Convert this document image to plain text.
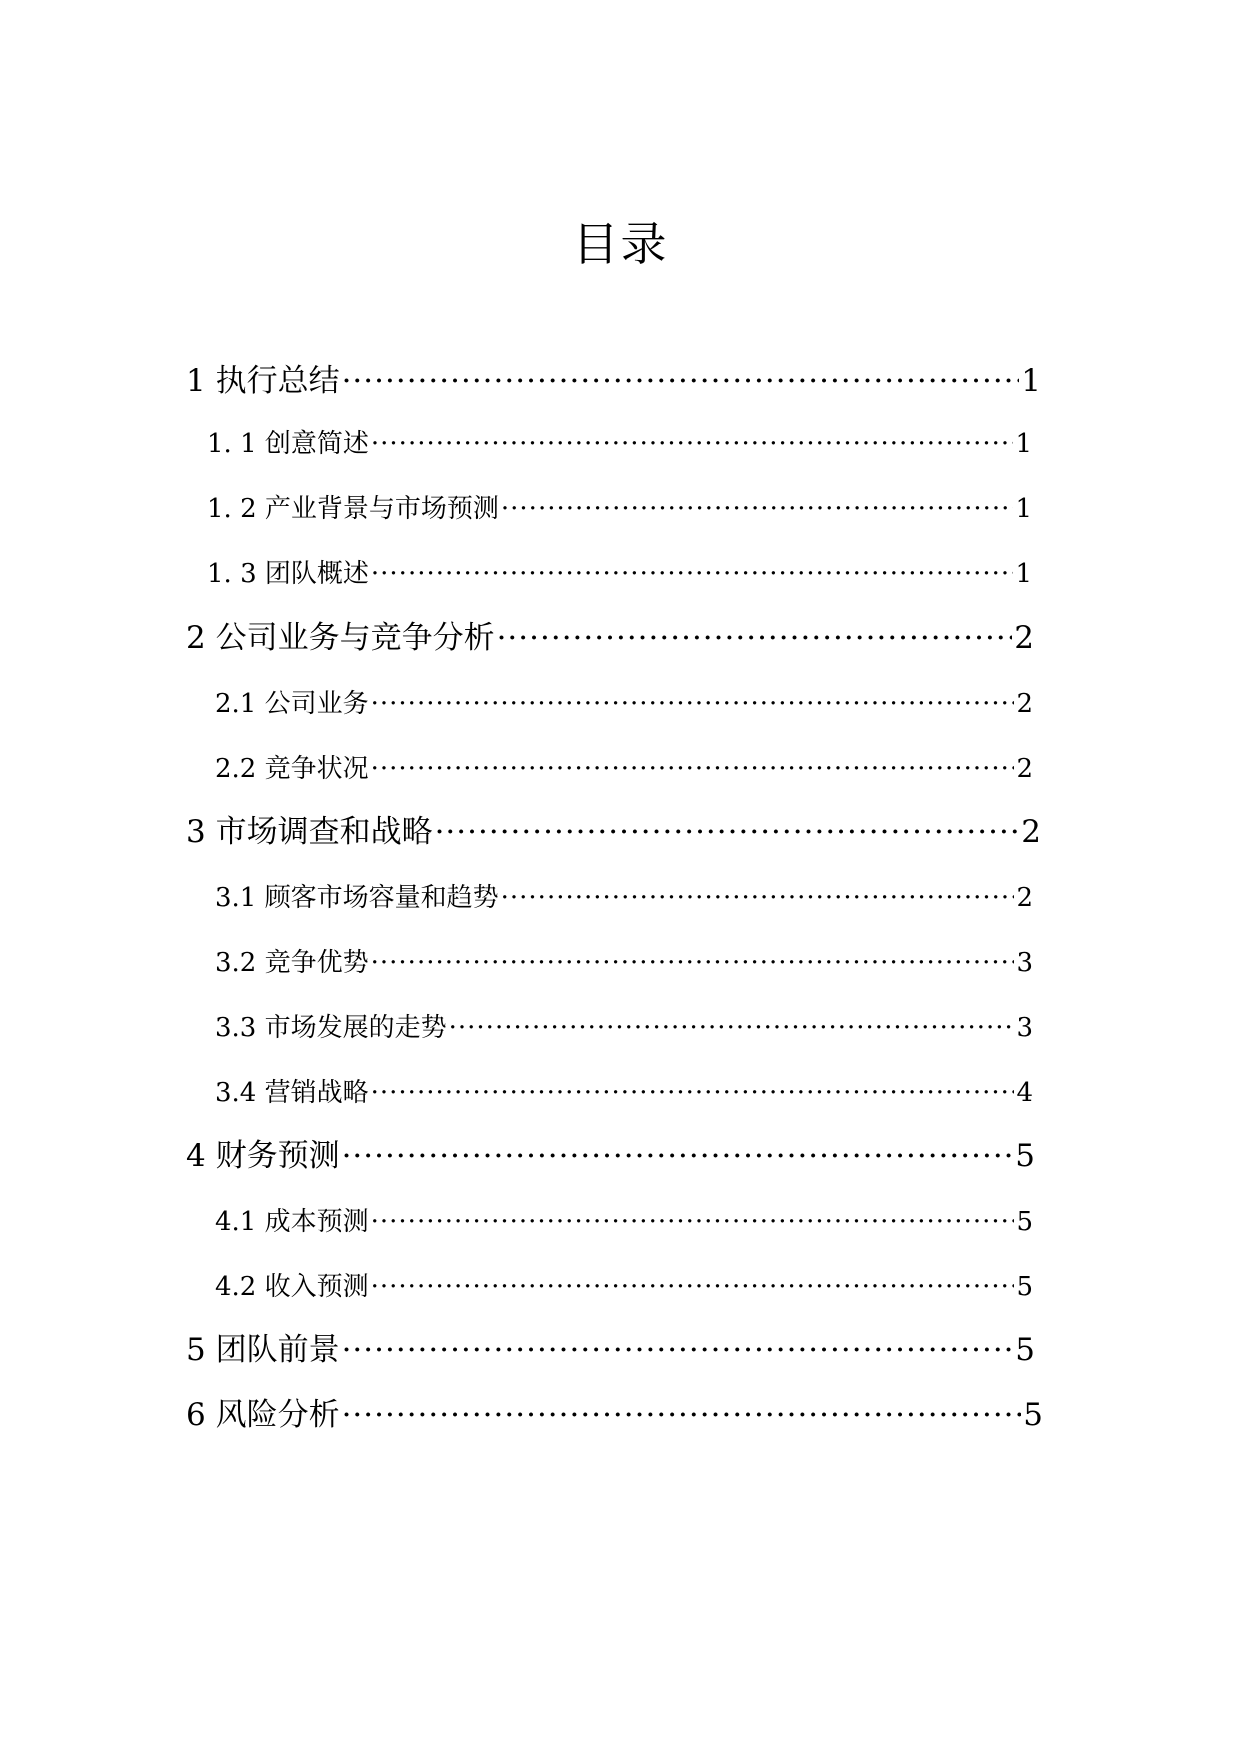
目录
1 执行总结 ·····	1
1. 1 创意简述 ·····	1
1. 2 产业背景与市场预测 ·····	1
1. 3 团队概述 ·····	1
2 公司业务与竞争分析 ·····	2
2.1 公司业务 ·····	2
2.2 竞争状况 ·····	2
3 市场调查和战略 ·····	2
3.1 顾客市场容量和趋势 ·····	2
3.2 竞争优势 ·····	3
3.3 市场发展的走势 ·····	3
3.4 营销战略 ·····	4
4 财务预测 ·····	5
4.1 成本预测 ·····	5
4.2 收入预测 ·····	5
5 团队前景 ·····	5
6 风险分析 ·····	5
